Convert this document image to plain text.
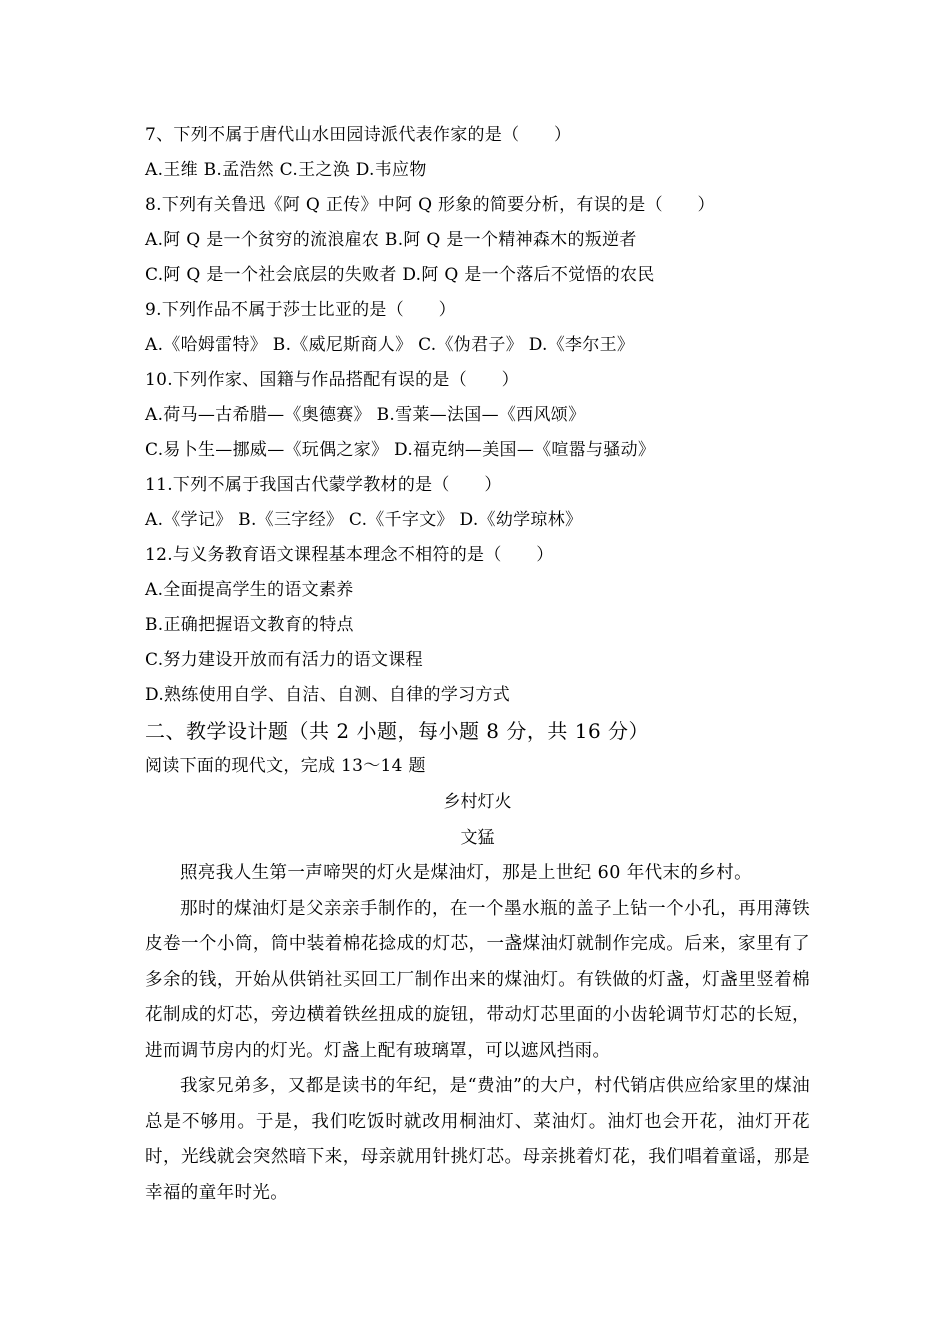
7、下列不属于唐代山水田园诗派代表作家的是（　　）
A.王维 B.孟浩然 C.王之涣 D.韦应物
8.下列有关鲁迅《阿 Q 正传》中阿 Q 形象的简要分析，有误的是（　　）
A.阿 Q 是一个贫穷的流浪雇农 B.阿 Q 是一个精神森木的叛逆者
C.阿 Q 是一个社会底层的失败者 D.阿 Q 是一个落后不觉悟的农民
9.下列作品不属于莎士比亚的是（　　）
A.《哈姆雷特》 B.《威尼斯商人》 C.《伪君子》 D.《李尔王》
10.下列作家、国籍与作品搭配有误的是（　　）
A.荷马—古希腊—《奥德赛》 B.雪莱—法国—《西风颂》
C.易卜生—挪威—《玩偶之家》 D.福克纳—美国—《喧嚣与骚动》
11.下列不属于我国古代蒙学教材的是（　　）
A.《学记》 B.《三字经》 C.《千字文》 D.《幼学琼林》
12.与义务教育语文课程基本理念不相符的是（　　）
A.全面提高学生的语文素养
B.正确把握语文教育的特点
C.努力建设开放而有活力的语文课程
D.熟练使用自学、自洁、自测、自律的学习方式
二、教学设计题（共 2 小题，每小题 8 分，共 16 分）
阅读下面的现代文，完成 13～14 题
乡村灯火
文猛

照亮我人生第一声啼哭的灯火是煤油灯，那是上世纪 60 年代末的乡村。

那时的煤油灯是父亲亲手制作的，在一个墨水瓶的盖子上钻一个小孔，再用薄铁皮卷一个小筒，筒中装着棉花捻成的灯芯，一盏煤油灯就制作完成。后来，家里有了多余的钱，开始从供销社买回工厂制作出来的煤油灯。有铁做的灯盏，灯盏里竖着棉花制成的灯芯，旁边横着铁丝扭成的旋钮，带动灯芯里面的小齿轮调节灯芯的长短，进而调节房内的灯光。灯盏上配有玻璃罩，可以遮风挡雨。

我家兄弟多，又都是读书的年纪，是“费油”的大户，村代销店供应给家里的煤油总是不够用。于是，我们吃饭时就改用桐油灯、菜油灯。油灯也会开花，油灯开花时，光线就会突然暗下来，母亲就用针挑灯芯。母亲挑着灯花，我们唱着童谣，那是幸福的童年时光。
